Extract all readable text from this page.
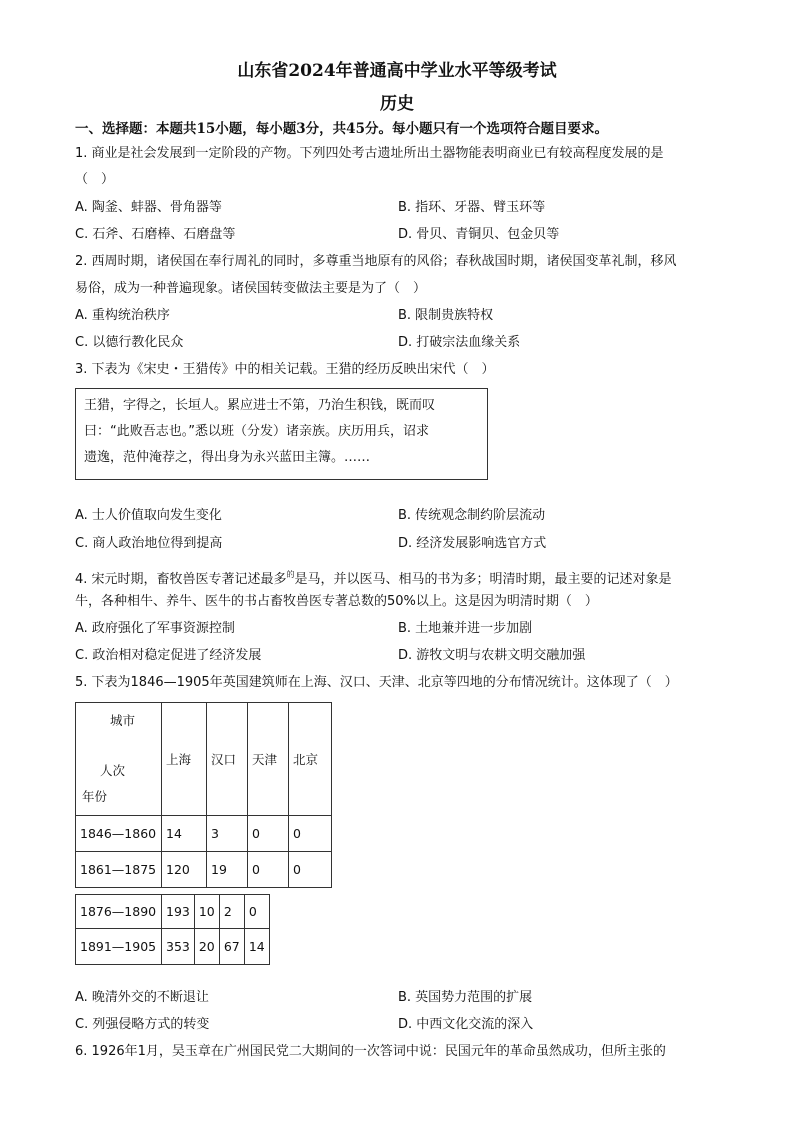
山东省2024年普通高中学业水平等级考试
历史
一、选择题：本题共15小题，每小题3分，共45分。每小题只有一个选项符合题目要求。
1. 商业是社会发展到一定阶段的产物。下列四处考古遗址所出土器物能表明商业已有较高程度发展的是
（　）
A. 陶釜、蚌器、骨角器等	B. 指环、牙器、臂玉环等
C. 石斧、石磨棒、石磨盘等	D. 骨贝、青铜贝、包金贝等
2. 西周时期，诸侯国在奉行周礼的同时，多尊重当地原有的风俗；春秋战国时期，诸侯国变革礼制，移风
易俗，成为一种普遍现象。诸侯国转变做法主要是为了（　）
A. 重构统治秩序	B. 限制贵族特权
C. 以德行教化民众	D. 打破宗法血缘关系
3. 下表为《宋史・王猎传》中的相关记载。王猎的经历反映出宋代（　）
王猎，字得之，长垣人。累应进士不第，乃治生积钱，既而叹
曰：“此败吾志也。”悉以班（分发）诸亲族。庆历用兵，诏求
遗逸，范仲淹荐之，得出身为永兴蓝田主簿。……
A. 士人价值取向发生变化	B. 传统观念制约阶层流动
C. 商人政治地位得到提高	D. 经济发展影响选官方式
4. 宋元时期，畜牧兽医专著记述最多$^的$是马，并以医马、相马的书为多；明清时期，最主要的记述对象是
牛，各种相牛、养牛、医牛的书占畜牧兽医专著总数的50%以上。这是因为明清时期（　）
A. 政府强化了军事资源控制	B. 土地兼并进一步加剧
C. 政治相对稳定促进了经济发展	D. 游牧文明与农耕文明交融加强
5. 下表为1846—1905年英国建筑师在上海、汉口、天津、北京等四地的分布情况统计。这体现了（　）
城市
人次
年份	上海	汉口	天津	北京
1846—1860	14	3	0	0
1861—1875	120	19	0	0
1876—1890	193	10	2	0
1891—1905	353	20	67	14
A. 晚清外交的不断退让	B. 英国势力范围的扩展
C. 列强侵略方式的转变	D. 中西文化交流的深入
6. 1926年1月，吴玉章在广州国民党二大期间的一次答词中说：民国元年的革命虽然成功，但所主张的
